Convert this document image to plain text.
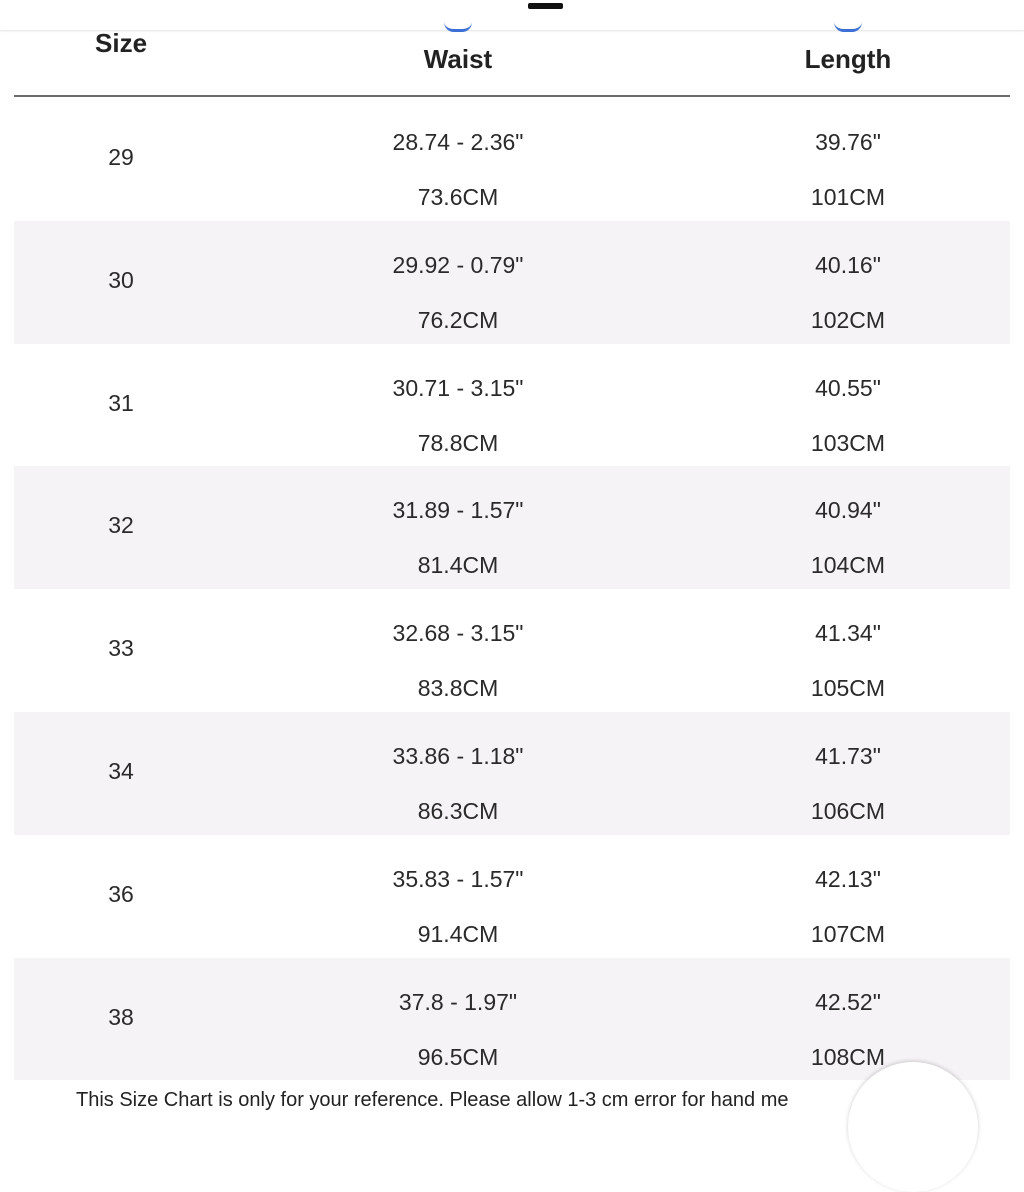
Size
Waist	Length
29
28.74 - 2.36"
73.6CM
39.76"
101CM
30
29.92 - 0.79"
76.2CM
40.16"
102CM
31
30.71 - 3.15"
78.8CM
40.55"
103CM
32
31.89 - 1.57"
81.4CM
40.94"
104CM
33
32.68 - 3.15"
83.8CM
41.34"
105CM
34
33.86 - 1.18"
86.3CM
41.73"
106CM
36
35.83 - 1.57"
91.4CM
42.13"
107CM
38
37.8 - 1.97"
96.5CM
42.52"
108CM
This Size Chart is only for your reference. Please allow 1-3 cm error for hand me
